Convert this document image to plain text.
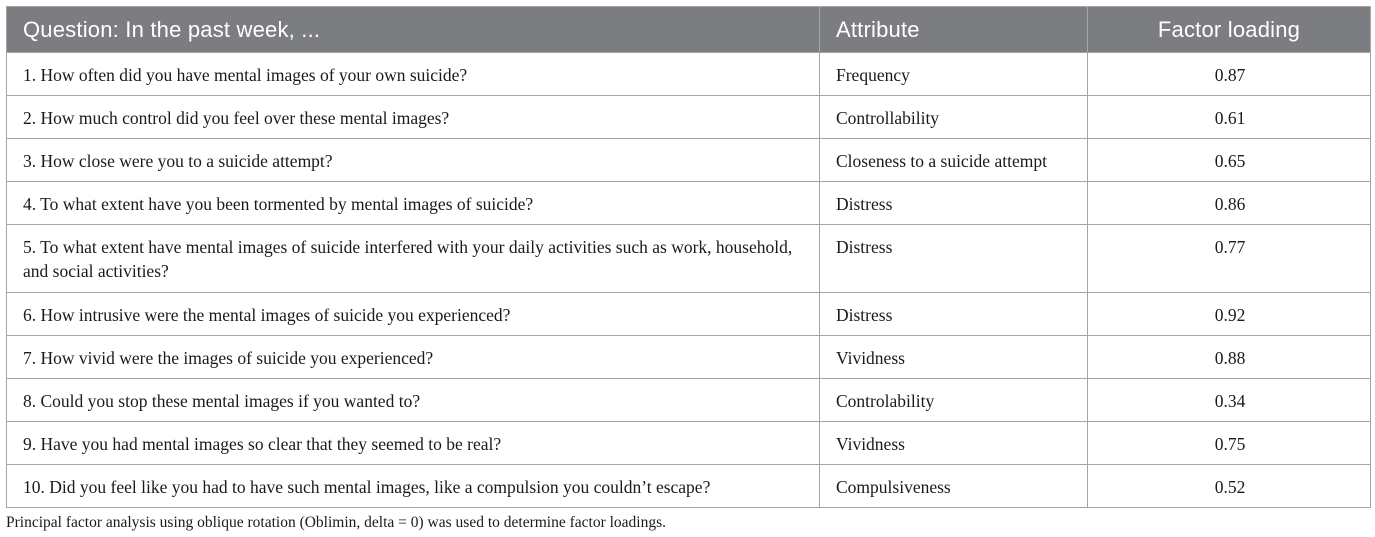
Question: In the past week, ...	Attribute	Factor loading
1. How often did you have mental images of your own suicide?	Frequency	0.87
2. How much control did you feel over these mental images?	Controllability	0.61
3. How close were you to a suicide attempt?	Closeness to a suicide attempt	0.65
4. To what extent have you been tormented by mental images of suicide?	Distress	0.86
5. To what extent have mental images of suicide interfered with your daily activities such as work, household, and social activities?	Distress	0.77
6. How intrusive were the mental images of suicide you experienced?	Distress	0.92
7. How vivid were the images of suicide you experienced?	Vividness	0.88
8. Could you stop these mental images if you wanted to?	Controlability	0.34
9. Have you had mental images so clear that they seemed to be real?	Vividness	0.75
10. Did you feel like you had to have such mental images, like a compulsion you couldn’t escape?	Compulsiveness	0.52
Principal factor analysis using oblique rotation (Oblimin, delta = 0) was used to determine factor loadings.
